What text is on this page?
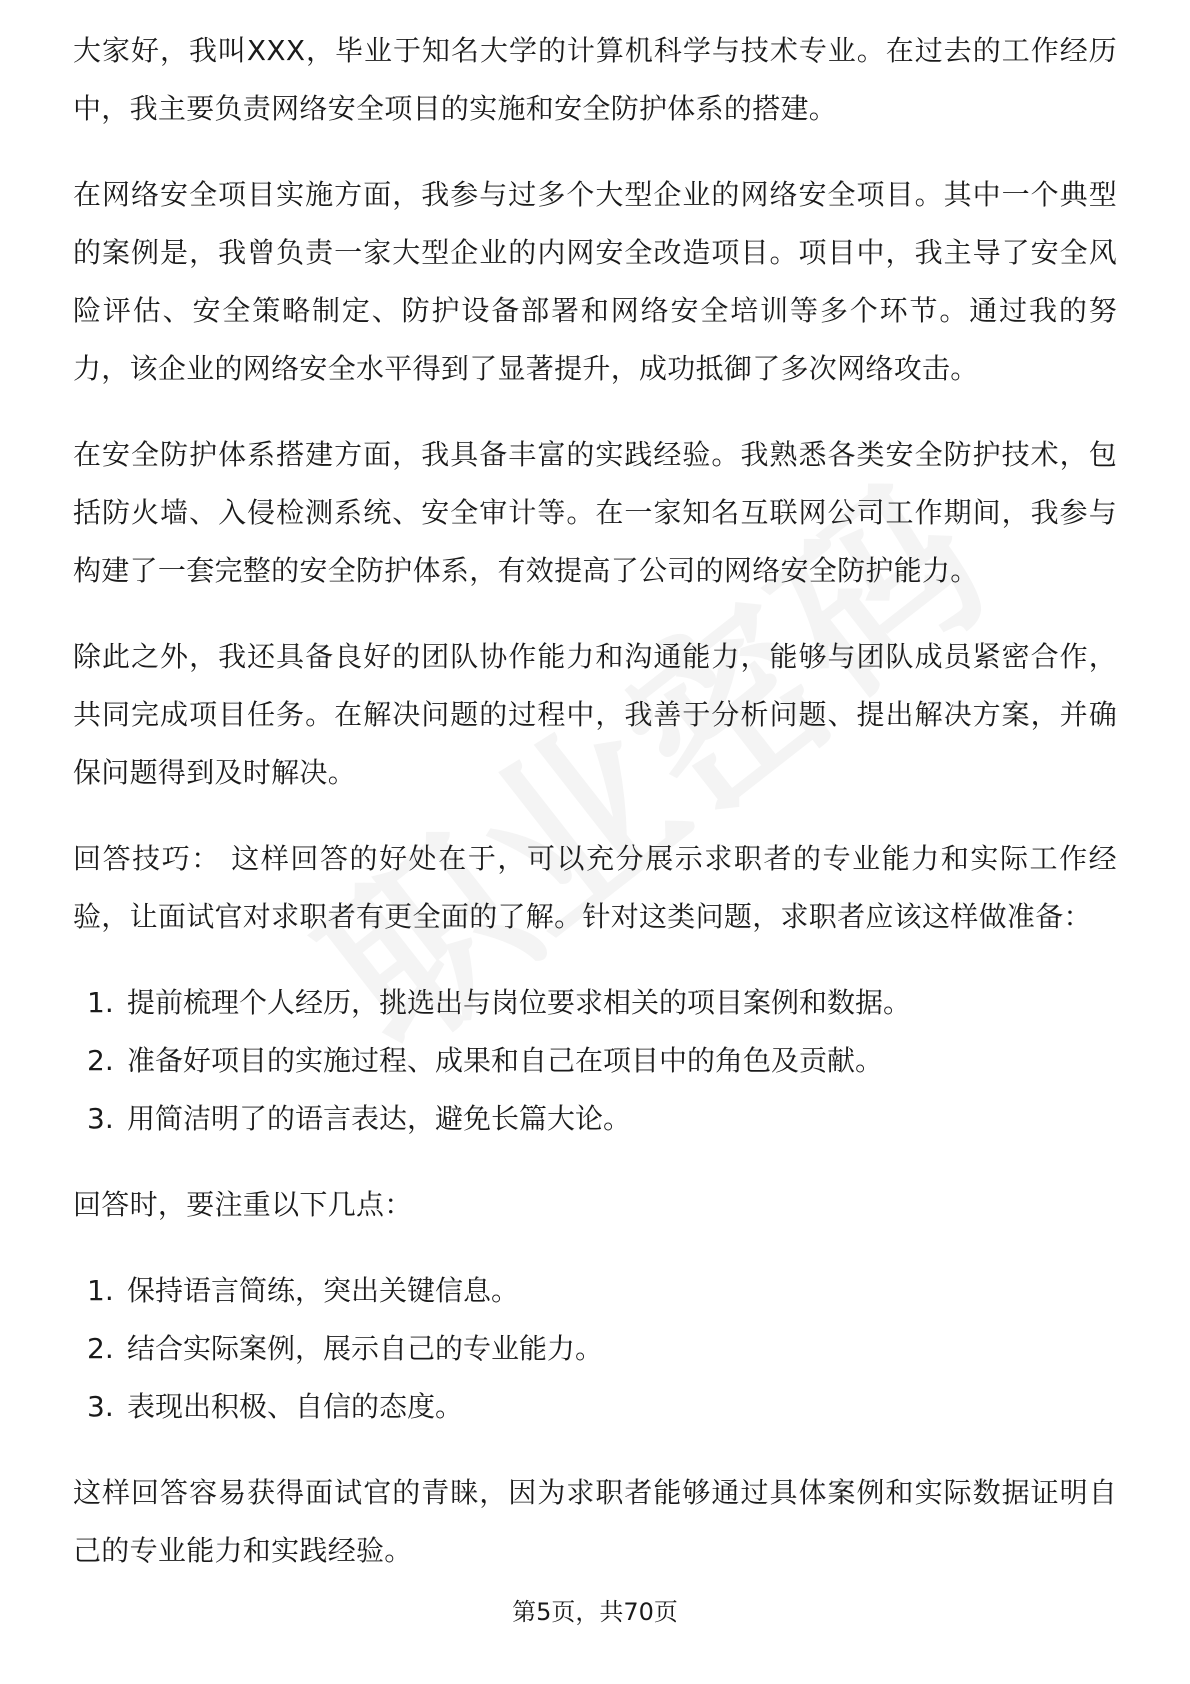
大家好，我叫XXX，毕业于知名大学的计算机科学与技术专业。在过去的工作经历中，我主要负责网络安全项目的实施和安全防护体系的搭建。

在网络安全项目实施方面，我参与过多个大型企业的网络安全项目。其中一个典型的案例是，我曾负责一家大型企业的内网安全改造项目。项目中，我主导了安全风险评估、安全策略制定、防护设备部署和网络安全培训等多个环节。通过我的努力，该企业的网络安全水平得到了显著提升，成功抵御了多次网络攻击。

在安全防护体系搭建方面，我具备丰富的实践经验。我熟悉各类安全防护技术，包括防火墙、入侵检测系统、安全审计等。在一家知名互联网公司工作期间，我参与构建了一套完整的安全防护体系，有效提高了公司的网络安全防护能力。

除此之外，我还具备良好的团队协作能力和沟通能力，能够与团队成员紧密合作，共同完成项目任务。在解决问题的过程中，我善于分析问题、提出解决方案，并确保问题得到及时解决。

回答技巧： 这样回答的好处在于，可以充分展示求职者的专业能力和实际工作经验，让面试官对求职者有更全面的了解。针对这类问题，求职者应该这样做准备：

1. 提前梳理个人经历，挑选出与岗位要求相关的项目案例和数据。
2. 准备好项目的实施过程、成果和自己在项目中的角色及贡献。
3. 用简洁明了的语言表达，避免长篇大论。

回答时，要注重以下几点：

1. 保持语言简练，突出关键信息。
2. 结合实际案例，展示自己的专业能力。
3. 表现出积极、自信的态度。

这样回答容易获得面试官的青睐，因为求职者能够通过具体案例和实际数据证明自己的专业能力和实践经验。

第5页，共70页
